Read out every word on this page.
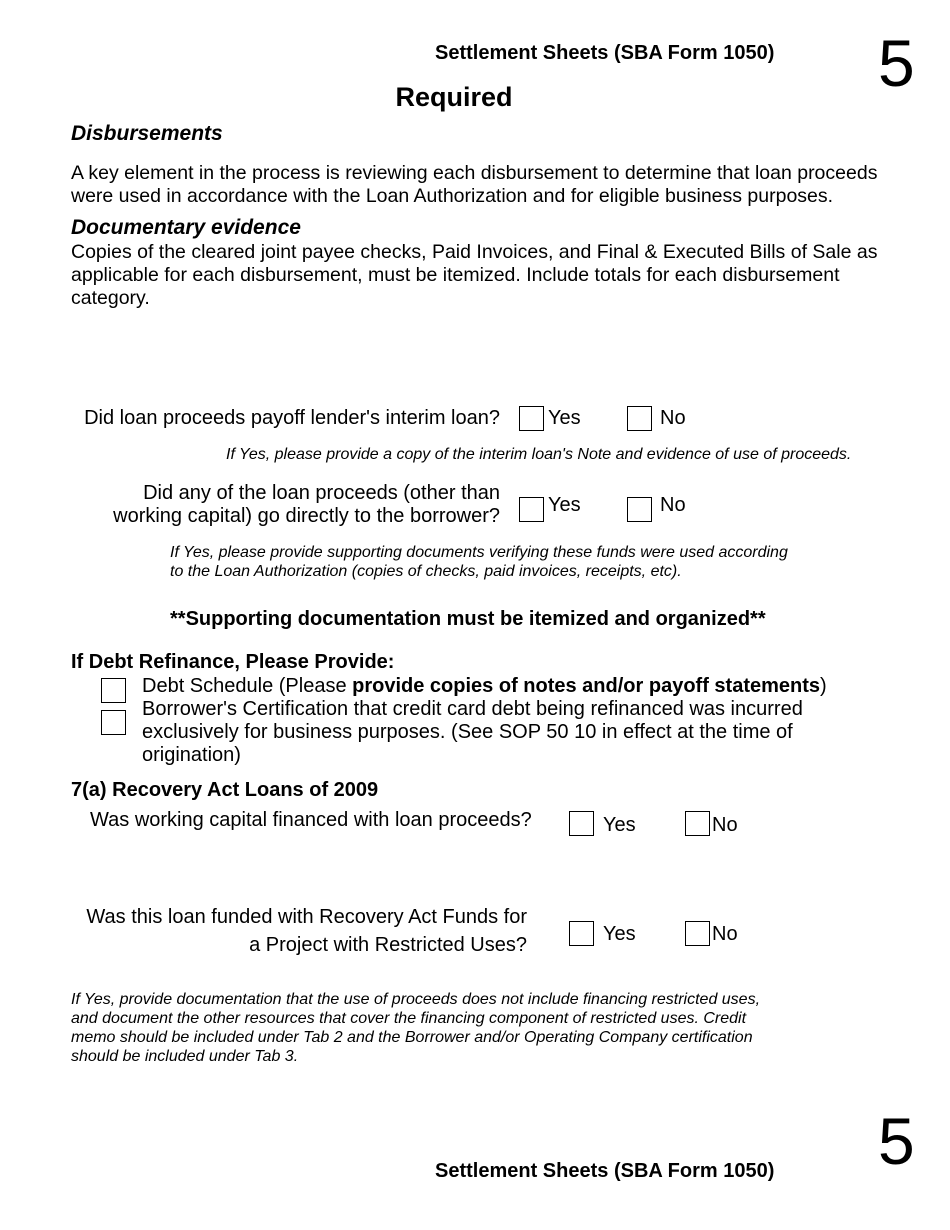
Settlement Sheets (SBA Form 1050) 5
Required
Disbursements
A key element in the process is reviewing each disbursement to determine that loan proceeds
were used in accordance with the Loan Authorization and for eligible business purposes.
Documentary evidence
Copies of the cleared joint payee checks, Paid Invoices, and Final & Executed Bills of Sale as
applicable for each disbursement, must be itemized. Include totals for each disbursement
category.
Did loan proceeds payoff lender's interim loan? Yes	No
If Yes, please provide a copy of the interim loan's Note and evidence of use of proceeds.
Did any of the loan proceeds (other than
working capital) go directly to the borrower? Yes	No
If Yes, please provide supporting documents verifying these funds were used according
to the Loan Authorization (copies of checks, paid invoices, receipts, etc).
**Supporting documentation must be itemized and organized**
If Debt Refinance, Please Provide:
Debt Schedule (Please provide copies of notes and/or payoff statements)
Borrower's Certification that credit card debt being refinanced was incurred
exclusively for business purposes. (See SOP 50 10 in effect at the time of
origination)
7(a) Recovery Act Loans of 2009
Was working capital financed with loan proceeds?	Yes	No
Was this loan funded with Recovery Act Funds for
a Project with Restricted Uses?	Yes	No
If Yes, provide documentation that the use of proceeds does not include financing restricted uses,
and document the other resources that cover the financing component of restricted uses. Credit
memo should be included under Tab 2 and the Borrower and/or Operating Company certification
should be included under Tab 3.
5
Settlement Sheets (SBA Form 1050)
